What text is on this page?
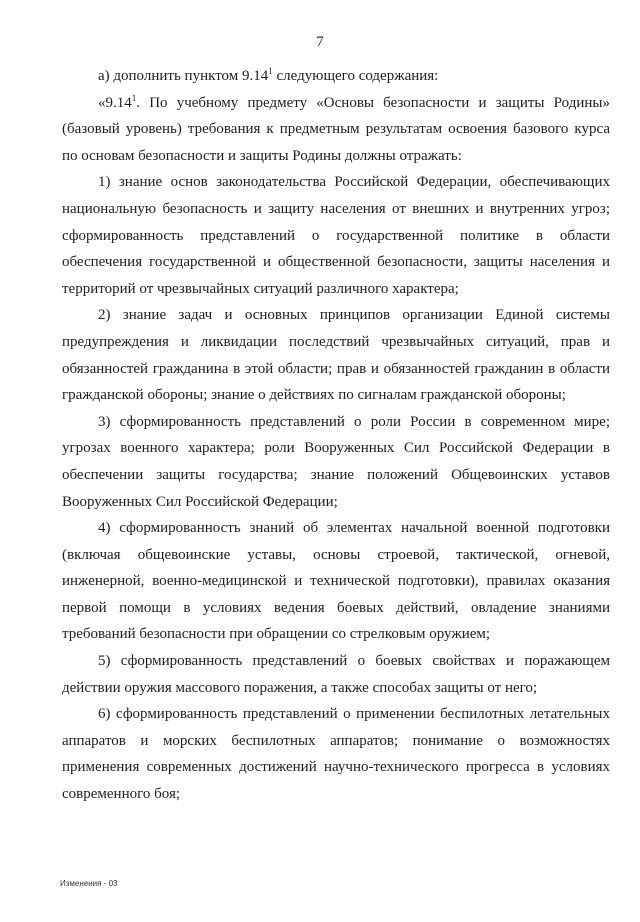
7

а) дополнить пунктом 9.14$^1$ следующего содержания:

«9.14$^1$. По учебному предмету «Основы безопасности и защиты Родины» (базовый уровень) требования к предметным результатам освоения базового курса по основам безопасности и защиты Родины должны отражать:

1) знание основ законодательства Российской Федерации, обеспечивающих национальную безопасность и защиту населения от внешних и внутренних угроз; сформированность представлений о государственной политике в области обеспечения государственной и общественной безопасности, защиты населения и территорий от чрезвычайных ситуаций различного характера;

2) знание задач и основных принципов организации Единой системы предупреждения и ликвидации последствий чрезвычайных ситуаций, прав и обязанностей гражданина в этой области; прав и обязанностей гражданин в области гражданской обороны; знание о действиях по сигналам гражданской обороны;

3) сформированность представлений о роли России в современном мире; угрозах военного характера; роли Вооруженных Сил Российской Федерации в обеспечении защиты государства; знание положений Общевоинских уставов Вооруженных Сил Российской Федерации;

4) сформированность знаний об элементах начальной военной подготовки (включая общевоинские уставы, основы строевой, тактической, огневой, инженерной, военно-медицинской и технической подготовки), правилах оказания первой помощи в условиях ведения боевых действий, овладение знаниями требований безопасности при обращении со стрелковым оружием;

5) сформированность представлений о боевых свойствах и поражающем действии оружия массового поражения, а также способах защиты от него;

6) сформированность представлений о применении беспилотных летательных аппаратов и морских беспилотных аппаратов; понимание о возможностях применения современных достижений научно-технического прогресса в условиях современного боя;

Изменения - 03
